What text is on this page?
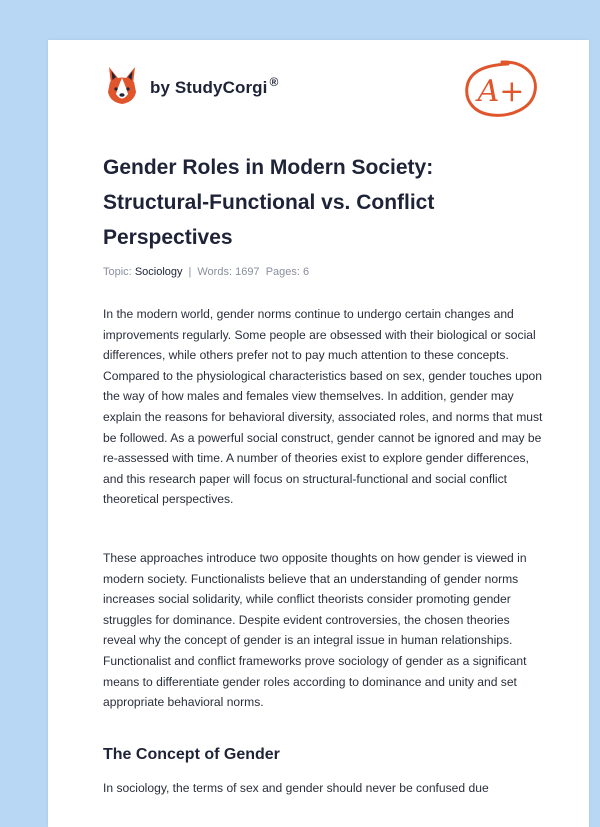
by StudyCorgi ®	A+
Gender Roles in Modern Society: Structural-Functional vs. Conflict Perspectives
Topic: Sociology | Words: 1697 Pages: 6

In the modern world, gender norms continue to undergo certain changes and improvements regularly. Some people are obsessed with their biological or social differences, while others prefer not to pay much attention to these concepts. Compared to the physiological characteristics based on sex, gender touches upon the way of how males and females view themselves. In addition, gender may explain the reasons for behavioral diversity, associated roles, and norms that must be followed. As a powerful social construct, gender cannot be ignored and may be re-assessed with time. A number of theories exist to explore gender differences, and this research paper will focus on structural-functional and social conflict theoretical perspectives.

These approaches introduce two opposite thoughts on how gender is viewed in modern society. Functionalists believe that an understanding of gender norms increases social solidarity, while conflict theorists consider promoting gender struggles for dominance. Despite evident controversies, the chosen theories reveal why the concept of gender is an integral issue in human relationships. Functionalist and conflict frameworks prove sociology of gender as a significant means to differentiate gender roles according to dominance and unity and set appropriate behavioral norms.

The Concept of Gender

In sociology, the terms of sex and gender should never be confused due
